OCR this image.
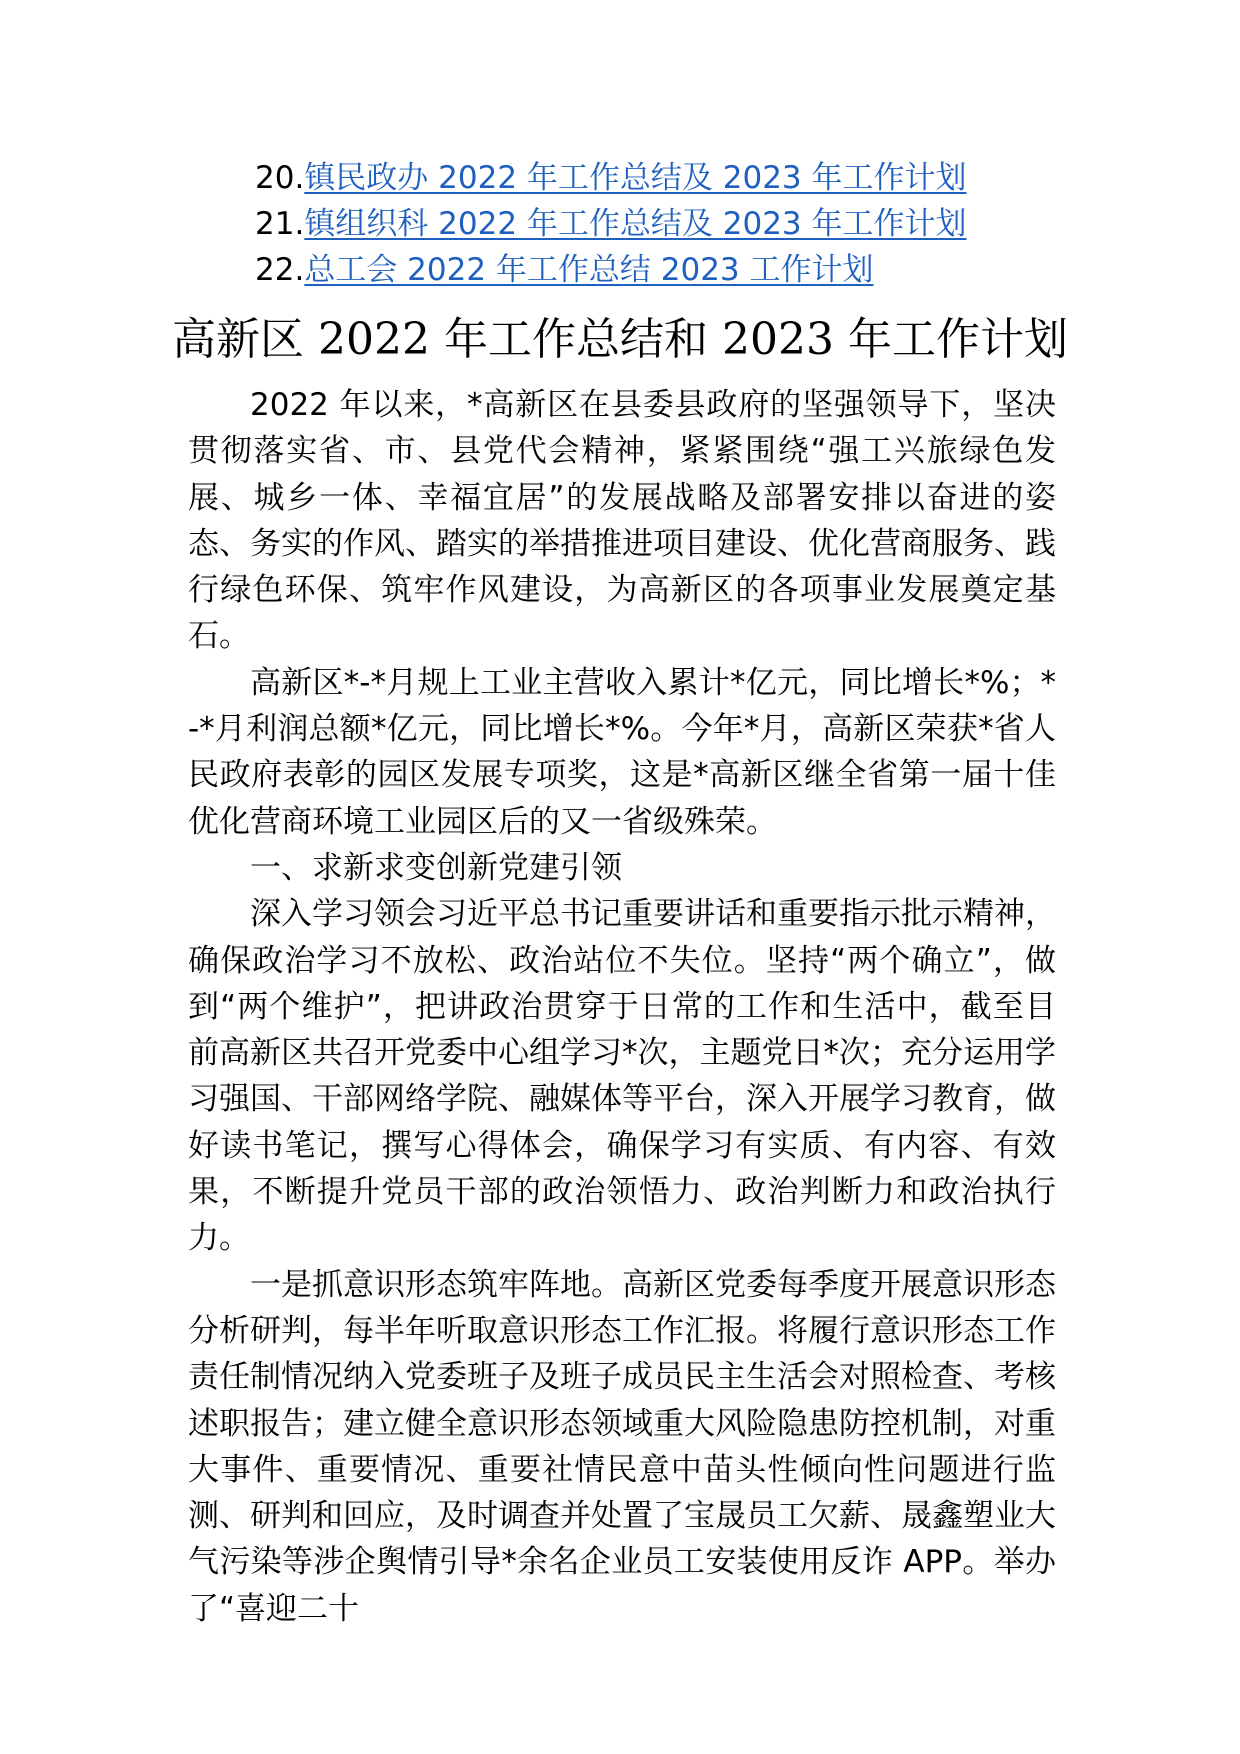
20.镇民政办 2022 年工作总结及 2023 年工作计划
21.镇组织科 2022 年工作总结及 2023 年工作计划
22.总工会 2022 年工作总结 2023 工作计划
高新区 2022 年工作总结和 2023 年工作计划

2022 年以来，*高新区在县委县政府的坚强领导下，坚决贯彻落实省、市、县党代会精神，紧紧围绕“强工兴旅绿色发展、城乡一体、幸福宜居”的发展战略及部署安排以奋进的姿态、务实的作风、踏实的举措推进项目建设、优化营商服务、践行绿色环保、筑牢作风建设，为高新区的各项事业发展奠定基石。

高新区*-*月规上工业主营收入累计*亿元，同比增长*%；*-*月利润总额*亿元，同比增长*%。今年*月，高新区荣获*省人民政府表彰的园区发展专项奖，这是*高新区继全省第一届十佳优化营商环境工业园区后的又一省级殊荣。

一、求新求变创新党建引领

深入学习领会习近平总书记重要讲话和重要指示批示精神，确保政治学习不放松、政治站位不失位。坚持“两个确立”，做到“两个维护”，把讲政治贯穿于日常的工作和生活中，截至目前高新区共召开党委中心组学习*次，主题党日*次；充分运用学习强国、干部网络学院、融媒体等平台，深入开展学习教育，做好读书笔记，撰写心得体会，确保学习有实质、有内容、有效果，不断提升党员干部的政治领悟力、政治判断力和政治执行力。

一是抓意识形态筑牢阵地。高新区党委每季度开展意识形态分析研判，每半年听取意识形态工作汇报。将履行意识形态工作责任制情况纳入党委班子及班子成员民主生活会对照检查、考核述职报告；建立健全意识形态领域重大风险隐患防控机制，对重大事件、重要情况、重要社情民意中苗头性倾向性问题进行监测、研判和回应，及时调查并处置了宝晟员工欠薪、晟鑫塑业大气污染等涉企舆情引导*余名企业员工安装使用反诈 APP。举办了“喜迎二十
